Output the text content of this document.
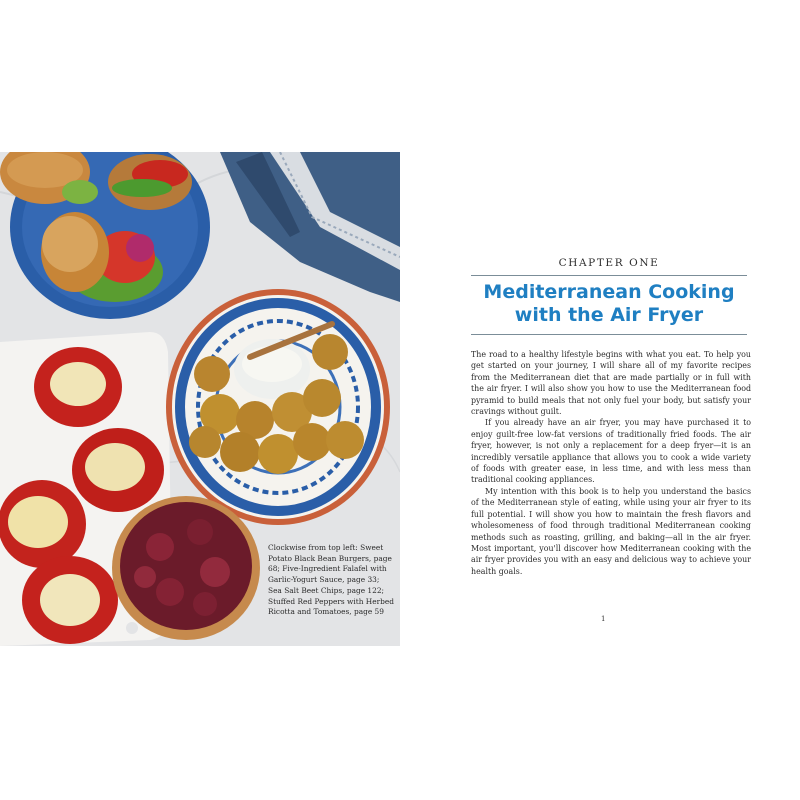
Clockwise from top left: Sweet Potato Black Bean Burgers, page 68; Five-Ingredient Falafel with Garlic-Yogurt Sauce, page 33; Sea Salt Beet Chips, page 122; Stuffed Red Peppers with Herbed Ricotta and Tomatoes, page 59

CHAPTER ONE

Mediterranean Cooking
with the Air Fryer

The road to a healthy lifestyle begins with what you eat. To help you get started on your journey, I will share all of my favorite recipes from the Mediterranean diet that are made partially or in full with the air fryer. I will also show you how to use the Mediterranean food pyramid to build meals that not only fuel your body, but satisfy your cravings without guilt.

If you already have an air fryer, you may have purchased it to enjoy guilt-free low-fat versions of traditionally fried foods. The air fryer, however, is not only a replacement for a deep fryer—it is an incredibly versatile appliance that allows you to cook a wide variety of foods with greater ease, in less time, and with less mess than traditional cooking appliances.

My intention with this book is to help you understand the basics of the Mediterranean style of eating, while using your air fryer to its full potential. I will show you how to maintain the fresh flavors and wholesomeness of food through traditional Mediterranean cooking methods such as roasting, grilling, and baking—all in the air fryer. Most important, you'll discover how Mediterranean cooking with the air fryer provides you with an easy and delicious way to achieve your health goals.

1
